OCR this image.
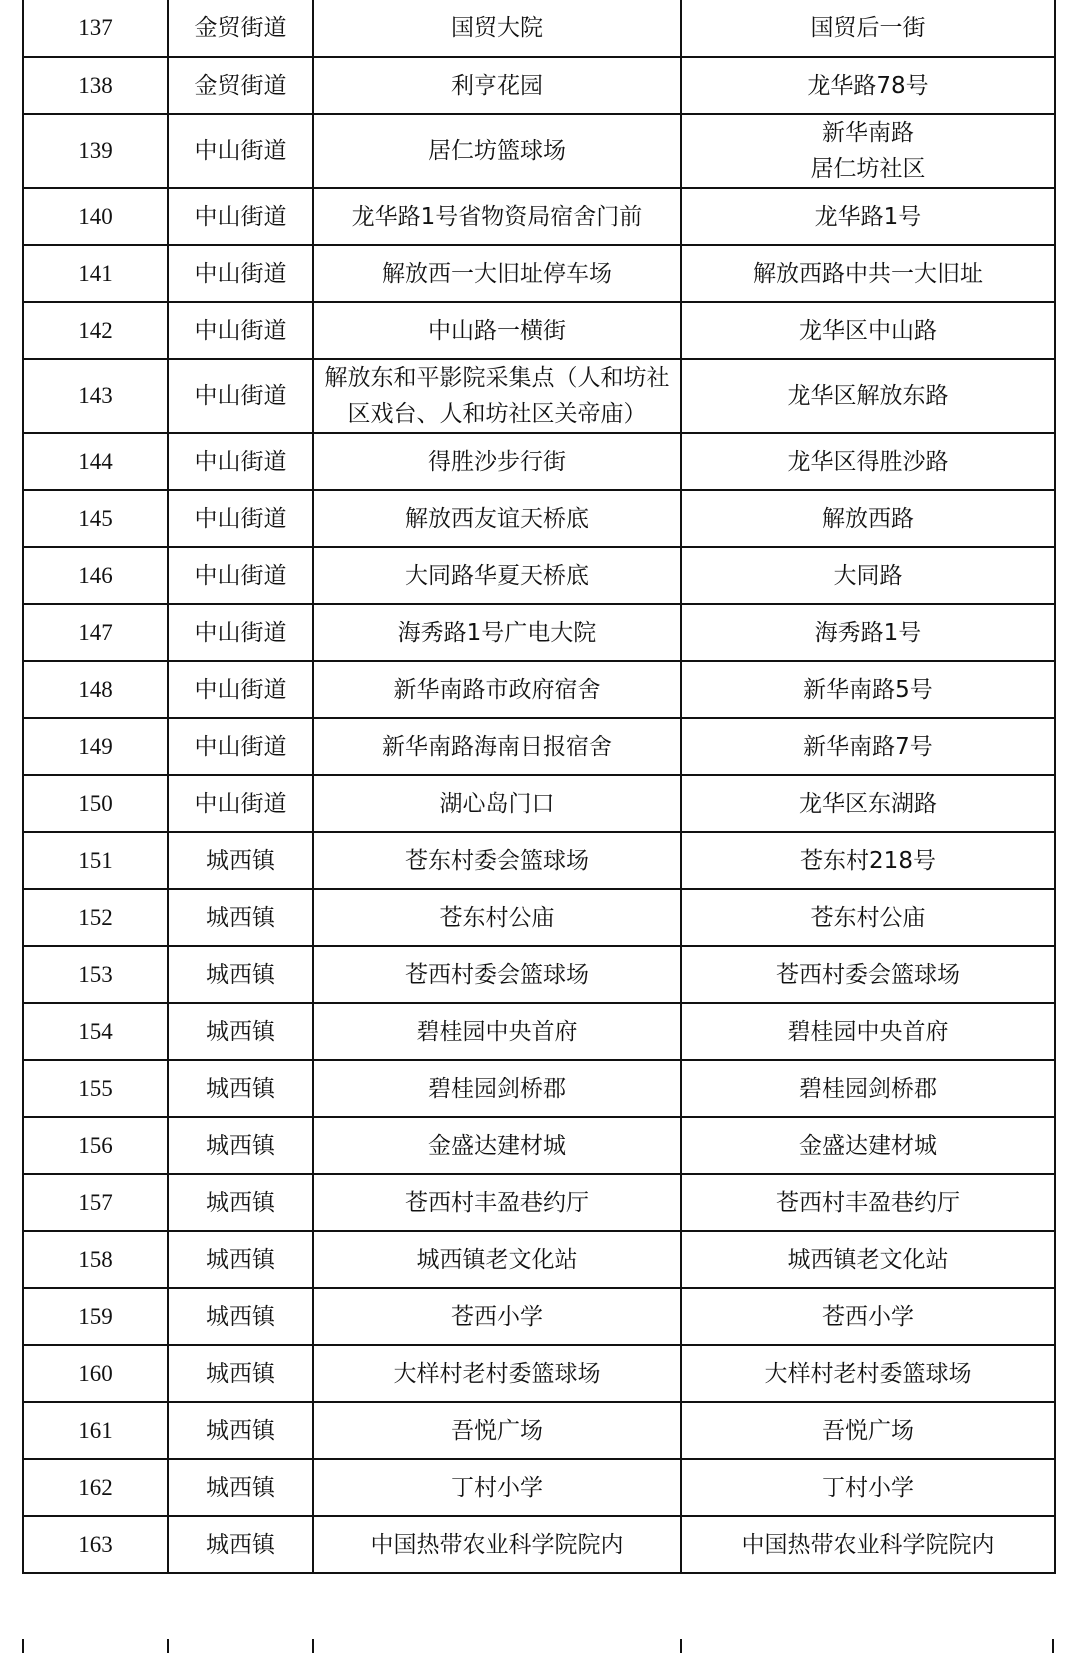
137	金贸街道	国贸大院	国贸后一街

138	金贸街道	利亨花园	龙华路78号

139	中山街道	居仁坊篮球场	新华南路
居仁坊社区

140	中山街道	龙华路1号省物资局宿舍门前	龙华路1号

141	中山街道	解放西一大旧址停车场	解放西路中共一大旧址

142	中山街道	中山路一横街	龙华区中山路

143	中山街道	解放东和平影院采集点（人和坊社
区戏台、人和坊社区关帝庙）	龙华区解放东路

144	中山街道	得胜沙步行街	龙华区得胜沙路

145	中山街道	解放西友谊天桥底	解放西路

146	中山街道	大同路华夏天桥底	大同路

147	中山街道	海秀路1号广电大院	海秀路1号

148	中山街道	新华南路市政府宿舍	新华南路5号

149	中山街道	新华南路海南日报宿舍	新华南路7号

150	中山街道	湖心岛门口	龙华区东湖路

151	城西镇	苍东村委会篮球场	苍东村218号

152	城西镇	苍东村公庙	苍东村公庙

153	城西镇	苍西村委会篮球场	苍西村委会篮球场

154	城西镇	碧桂园中央首府	碧桂园中央首府

155	城西镇	碧桂园剑桥郡	碧桂园剑桥郡

156	城西镇	金盛达建材城	金盛达建材城

157	城西镇	苍西村丰盈巷约厅	苍西村丰盈巷约厅

158	城西镇	城西镇老文化站	城西镇老文化站

159	城西镇	苍西小学	苍西小学

160	城西镇	大样村老村委篮球场	大样村老村委篮球场

161	城西镇	吾悦广场	吾悦广场

162	城西镇	丁村小学	丁村小学

163	城西镇	中国热带农业科学院院内	中国热带农业科学院院内
